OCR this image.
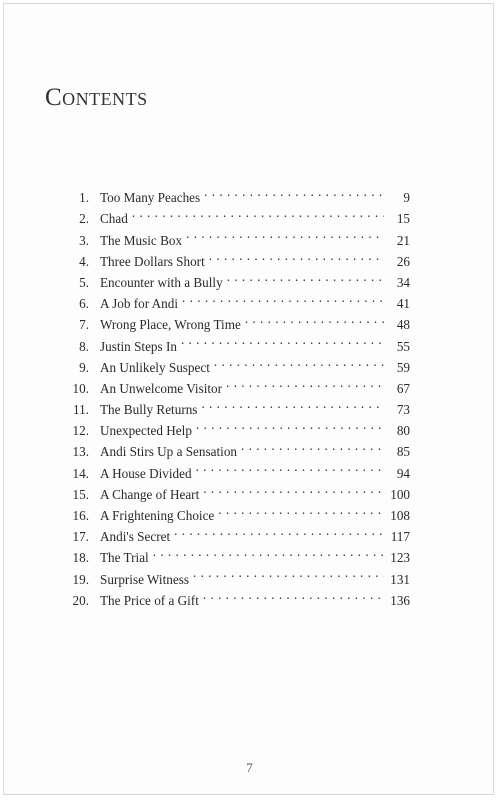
Contents
1. Too Many Peaches . . .	9
2. Chad . . .	15
3. The Music Box . . .	21
4. Three Dollars Short . . .	26
5. Encounter with a Bully . . .	34
6. A Job for Andi . . .	41
7. Wrong Place, Wrong Time . . .	48
8. Justin Steps In . . .	55
9. An Unlikely Suspect . . .	59
10. An Unwelcome Visitor . . .	67
11. The Bully Returns . . .	73
12. Unexpected Help . . .	80
13. Andi Stirs Up a Sensation . . .	85
14. A House Divided . . .	94
15. A Change of Heart . . .	100
16. A Frightening Choice . . .	108
17. Andi's Secret . . .	117
18. The Trial . . .	123
19. Surprise Witness . . .	131
20. The Price of a Gift . . .	136
7
